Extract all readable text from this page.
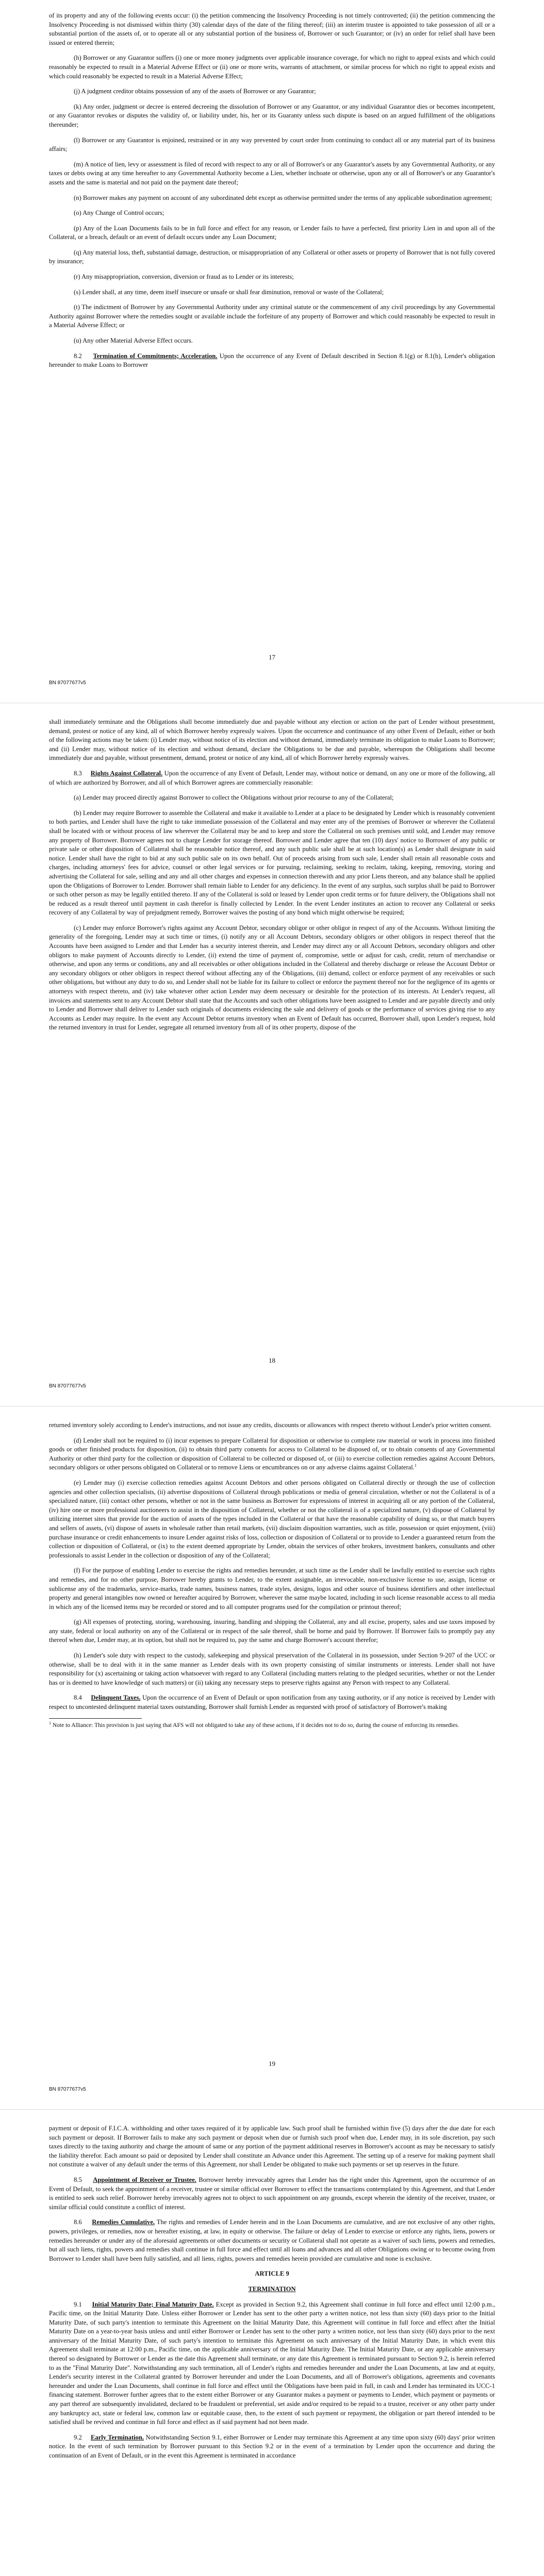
of its property and any of the following events occur: (i) the petition commencing the Insolvency Proceeding is not timely controverted; (ii) the petition commencing the Insolvency Proceeding is not dismissed within thirty (30) calendar days of the date of the filing thereof; (iii) an interim trustee is appointed to take possession of all or a substantial portion of the assets of, or to operate all or any substantial portion of the business of, Borrower or such Guarantor; or (iv) an order for relief shall have been issued or entered therein;

(h) Borrower or any Guarantor suffers (i) one or more money judgments over applicable insurance coverage, for which no right to appeal exists and which could reasonably be expected to result in a Material Adverse Effect or (ii) one or more writs, warrants of attachment, or similar process for which no right to appeal exists and which could reasonably be expected to result in a Material Adverse Effect;

(j) A judgment creditor obtains possession of any of the assets of Borrower or any Guarantor;

(k) Any order, judgment or decree is entered decreeing the dissolution of Borrower or any Guarantor, or any individual Guarantor dies or becomes incompetent, or any Guarantor revokes or disputes the validity of, or liability under, his, her or its Guaranty unless such dispute is based on an argued fulfillment of the obligations thereunder;

(l) Borrower or any Guarantor is enjoined, restrained or in any way prevented by court order from continuing to conduct all or any material part of its business affairs;

(m) A notice of lien, levy or assessment is filed of record with respect to any or all of Borrower's or any Guarantor's assets by any Governmental Authority, or any taxes or debts owing at any time hereafter to any Governmental Authority become a Lien, whether inchoate or otherwise, upon any or all of Borrower's or any Guarantor's assets and the same is material and not paid on the payment date thereof;

(n) Borrower makes any payment on account of any subordinated debt except as otherwise permitted under the terms of any applicable subordination agreement;

(o) Any Change of Control occurs;

(p) Any of the Loan Documents fails to be in full force and effect for any reason, or Lender fails to have a perfected, first priority Lien in and upon all of the Collateral, or a breach, default or an event of default occurs under any Loan Document;

(q) Any material loss, theft, substantial damage, destruction, or misappropriation of any Collateral or other assets or property of Borrower that is not fully covered by insurance;

(r) Any misappropriation, conversion, diversion or fraud as to Lender or its interests;

(s) Lender shall, at any time, deem itself insecure or unsafe or shall fear diminution, removal or waste of the Collateral;

(t) The indictment of Borrower by any Governmental Authority under any criminal statute or the commencement of any civil proceedings by any Governmental Authority against Borrower where the remedies sought or available include the forfeiture of any property of Borrower and which could reasonably be expected to result in a Material Adverse Effect; or

(u) Any other Material Adverse Effect occurs.

8.2 Termination of Commitments; Acceleration. Upon the occurrence of any Event of Default described in Section 8.1(g) or 8.1(h), Lender's obligation hereunder to make Loans to Borrower

17
BN 87077677v5

shall immediately terminate and the Obligations shall become immediately due and payable without any election or action on the part of Lender without presentment, demand, protest or notice of any kind, all of which Borrower hereby expressly waives. Upon the occurrence and continuance of any other Event of Default, either or both of the following actions may be taken: (i) Lender may, without notice of its election and without demand, immediately terminate its obligation to make Loans to Borrower; and (ii) Lender may, without notice of its election and without demand, declare the Obligations to be due and payable, whereupon the Obligations shall become immediately due and payable, without presentment, demand, protest or notice of any kind, all of which Borrower hereby expressly waives.

8.3 Rights Against Collateral. Upon the occurrence of any Event of Default, Lender may, without notice or demand, on any one or more of the following, all of which are authorized by Borrower, and all of which Borrower agrees are commercially reasonable:

(a) Lender may proceed directly against Borrower to collect the Obligations without prior recourse to any of the Collateral;

(b) Lender may require Borrower to assemble the Collateral and make it available to Lender at a place to be designated by Lender which is reasonably convenient to both parties, and Lender shall have the right to take immediate possession of the Collateral and may enter any of the premises of Borrower or wherever the Collateral shall be located with or without process of law wherever the Collateral may be and to keep and store the Collateral on such premises until sold, and Lender may remove any property of Borrower. Borrower agrees not to charge Lender for storage thereof. Borrower and Lender agree that ten (10) days' notice to Borrower of any public or private sale or other disposition of Collateral shall be reasonable notice thereof, and any such public sale shall be at such location(s) as Lender shall designate in said notice. Lender shall have the right to bid at any such public sale on its own behalf. Out of proceeds arising from such sale, Lender shall retain all reasonable costs and charges, including attorneys' fees for advice, counsel or other legal services or for pursuing, reclaiming, seeking to reclaim, taking, keeping, removing, storing and advertising the Collateral for sale, selling and any and all other charges and expenses in connection therewith and any prior Liens thereon, and any balance shall be applied upon the Obligations of Borrower to Lender. Borrower shall remain liable to Lender for any deficiency. In the event of any surplus, such surplus shall be paid to Borrower or such other person as may be legally entitled thereto. If any of the Collateral is sold or leased by Lender upon credit terms or for future delivery, the Obligations shall not be reduced as a result thereof until payment in cash therefor is finally collected by Lender. In the event Lender institutes an action to recover any Collateral or seeks recovery of any Collateral by way of prejudgment remedy, Borrower waives the posting of any bond which might otherwise be required;

(c) Lender may enforce Borrower's rights against any Account Debtor, secondary obligor or other obligor in respect of any of the Accounts. Without limiting the generality of the foregoing, Lender may at such time or times, (i) notify any or all Account Debtors, secondary obligors or other obligors in respect thereof that the Accounts have been assigned to Lender and that Lender has a security interest therein, and Lender may direct any or all Account Debtors, secondary obligors and other obligors to make payment of Accounts directly to Lender, (ii) extend the time of payment of, compromise, settle or adjust for cash, credit, return of merchandise or otherwise, and upon any terms or conditions, any and all receivables or other obligations included in the Collateral and thereby discharge or release the Account Debtor or any secondary obligors or other obligors in respect thereof without affecting any of the Obligations, (iii) demand, collect or enforce payment of any receivables or such other obligations, but without any duty to do so, and Lender shall not be liable for its failure to collect or enforce the payment thereof nor for the negligence of its agents or attorneys with respect thereto, and (iv) take whatever other action Lender may deem necessary or desirable for the protection of its interests. At Lender's request, all invoices and statements sent to any Account Debtor shall state that the Accounts and such other obligations have been assigned to Lender and are payable directly and only to Lender and Borrower shall deliver to Lender such originals of documents evidencing the sale and delivery of goods or the performance of services giving rise to any Accounts as Lender may require. In the event any Account Debtor returns inventory when an Event of Default has occurred, Borrower shall, upon Lender's request, hold the returned inventory in trust for Lender, segregate all returned inventory from all of its other property, dispose of the

18
BN 87077677v5

returned inventory solely according to Lender's instructions, and not issue any credits, discounts or allowances with respect thereto without Lender's prior written consent.

(d) Lender shall not be required to (i) incur expenses to prepare Collateral for disposition or otherwise to complete raw material or work in process into finished goods or other finished products for disposition, (ii) to obtain third party consents for access to Collateral to be disposed of, or to obtain consents of any Governmental Authority or other third party for the collection or disposition of Collateral to be collected or disposed of, or (iii) to exercise collection remedies against Account Debtors, secondary obligors or other persons obligated on Collateral or to remove Liens or encumbrances on or any adverse claims against Collateral.$^1$

(e) Lender may (i) exercise collection remedies against Account Debtors and other persons obligated on Collateral directly or through the use of collection agencies and other collection specialists, (ii) advertise dispositions of Collateral through publications or media of general circulation, whether or not the Collateral is of a specialized nature, (iii) contact other persons, whether or not in the same business as Borrower for expressions of interest in acquiring all or any portion of the Collateral, (iv) hire one or more professional auctioneers to assist in the disposition of Collateral, whether or not the collateral is of a specialized nature, (v) dispose of Collateral by utilizing internet sites that provide for the auction of assets of the types included in the Collateral or that have the reasonable capability of doing so, or that match buyers and sellers of assets, (vi) dispose of assets in wholesale rather than retail markets, (vii) disclaim disposition warranties, such as title, possession or quiet enjoyment, (viii) purchase insurance or credit enhancements to insure Lender against risks of loss, collection or disposition of Collateral or to provide to Lender a guaranteed return from the collection or disposition of Collateral, or (ix) to the extent deemed appropriate by Lender, obtain the services of other brokers, investment bankers, consultants and other professionals to assist Lender in the collection or disposition of any of the Collateral;

(f) For the purpose of enabling Lender to exercise the rights and remedies hereunder, at such time as the Lender shall be lawfully entitled to exercise such rights and remedies, and for no other purpose, Borrower hereby grants to Lender, to the extent assignable, an irrevocable, non-exclusive license to use, assign, license or sublicense any of the trademarks, service-marks, trade names, business names, trade styles, designs, logos and other source of business identifiers and other intellectual property and general intangibles now owned or hereafter acquired by Borrower, wherever the same maybe located, including in such license reasonable access to all media in which any of the licensed items may be recorded or stored and to all computer programs used for the compilation or printout thereof;

(g) All expenses of protecting, storing, warehousing, insuring, handling and shipping the Collateral, any and all excise, property, sales and use taxes imposed by any state, federal or local authority on any of the Collateral or in respect of the sale thereof, shall be borne and paid by Borrower. If Borrower fails to promptly pay any thereof when due, Lender may, at its option, but shall not be required to, pay the same and charge Borrower's account therefor;

(h) Lender's sole duty with respect to the custody, safekeeping and physical preservation of the Collateral in its possession, under Section 9-207 of the UCC or otherwise, shall be to deal with it in the same manner as Lender deals with its own property consisting of similar instruments or interests. Lender shall not have responsibility for (x) ascertaining or taking action whatsoever with regard to any Collateral (including matters relating to the pledged securities, whether or not the Lender has or is deemed to have knowledge of such matters) or (ii) taking any necessary steps to preserve rights against any Person with respect to any Collateral.

8.4 Delinquent Taxes. Upon the occurrence of an Event of Default or upon notification from any taxing authority, or if any notice is received by Lender with respect to uncontested delinquent material taxes outstanding, Borrower shall furnish Lender as requested with proof of satisfactory of Borrower's making

$^1$ Note to Alliance: This provision is just saying that AFS will not obligated to take any of these actions, if it decides not to do so, during the course of enforcing its remedies.

19
BN 87077677v5

payment or deposit of F.I.C.A. withholding and other taxes required of it by applicable law. Such proof shall be furnished within five (5) days after the due date for each such payment or deposit. If Borrower fails to make any such payment or deposit when due or furnish such proof when due, Lender may, in its sole discretion, pay such taxes directly to the taxing authority and charge the amount of same or any portion of the payment additional reserves in Borrower's account as may be necessary to satisfy the liability therefor. Each amount so paid or deposited by Lender shall constitute an Advance under this Agreement. The setting up of a reserve for making payment shall not constitute a waiver of any default under the terms of this Agreement, nor shall Lender be obligated to make such payments or set up reserves in the future.

8.5 Appointment of Receiver or Trustee. Borrower hereby irrevocably agrees that Lender has the right under this Agreement, upon the occurrence of an Event of Default, to seek the appointment of a receiver, trustee or similar official over Borrower to effect the transactions contemplated by this Agreement, and that Lender is entitled to seek such relief. Borrower hereby irrevocably agrees not to object to such appointment on any grounds, except wherein the identity of the receiver, trustee, or similar official could constitute a conflict of interest.

8.6 Remedies Cumulative. The rights and remedies of Lender herein and in the Loan Documents are cumulative, and are not exclusive of any other rights, powers, privileges, or remedies, now or hereafter existing, at law, in equity or otherwise. The failure or delay of Lender to exercise or enforce any rights, liens, powers or remedies hereunder or under any of the aforesaid agreements or other documents or security or Collateral shall not operate as a waiver of such liens, powers and remedies, but all such liens, rights, powers and remedies shall continue in full force and effect until all loans and advances and all other Obligations owing or to become owing from Borrower to Lender shall have been fully satisfied, and all liens, rights, powers and remedies herein provided are cumulative and none is exclusive.

ARTICLE 9

TERMINATION

9.1 Initial Maturity Date; Final Maturity Date. Except as provided in Section 9.2, this Agreement shall continue in full force and effect until 12:00 p.m., Pacific time, on the Initial Maturity Date. Unless either Borrower or Lender has sent to the other party a written notice, not less than sixty (60) days prior to the Initial Maturity Date, of such party's intention to terminate this Agreement on the Initial Maturity Date, this Agreement will continue in full force and effect after the Initial Maturity Date on a year-to-year basis unless and until either Borrower or Lender has sent to the other party a written notice, not less than sixty (60) days prior to the next anniversary of the Initial Maturity Date, of such party's intention to terminate this Agreement on such anniversary of the Initial Maturity Date, in which event this Agreement shall terminate at 12:00 p.m., Pacific time, on the applicable anniversary of the Initial Maturity Date. The Initial Maturity Date, or any applicable anniversary thereof so designated by Borrower or Lender as the date this Agreement shall terminate, or any date this Agreement is terminated pursuant to Section 9.2, is herein referred to as the "Final Maturity Date". Notwithstanding any such termination, all of Lender's rights and remedies hereunder and under the Loan Documents, at law and at equity, Lender's security interest in the Collateral granted by Borrower hereunder and under the Loan Documents, and all of Borrower's obligations, agreements and covenants hereunder and under the Loan Documents, shall continue in full force and effect until the Obligations have been paid in full, in cash and Lender has terminated its UCC-1 financing statement. Borrower further agrees that to the extent either Borrower or any Guarantor makes a payment or payments to Lender, which payment or payments or any part thereof are subsequently invalidated, declared to be fraudulent or preferential, set aside and/or required to be repaid to a trustee, receiver or any other party under any bankruptcy act, state or federal law, common law or equitable cause, then, to the extent of such payment or repayment, the obligation or part thereof intended to be satisfied shall be revived and continue in full force and effect as if said payment had not been made.

9.2 Early Termination. Notwithstanding Section 9.1, either Borrower or Lender may terminate this Agreement at any time upon sixty (60) days' prior written notice. In the event of such termination by Borrower pursuant to this Section 9.2 or in the event of a termination by Lender upon the occurrence and during the continuation of an Event of Default, or in the event this Agreement is terminated in accordance
